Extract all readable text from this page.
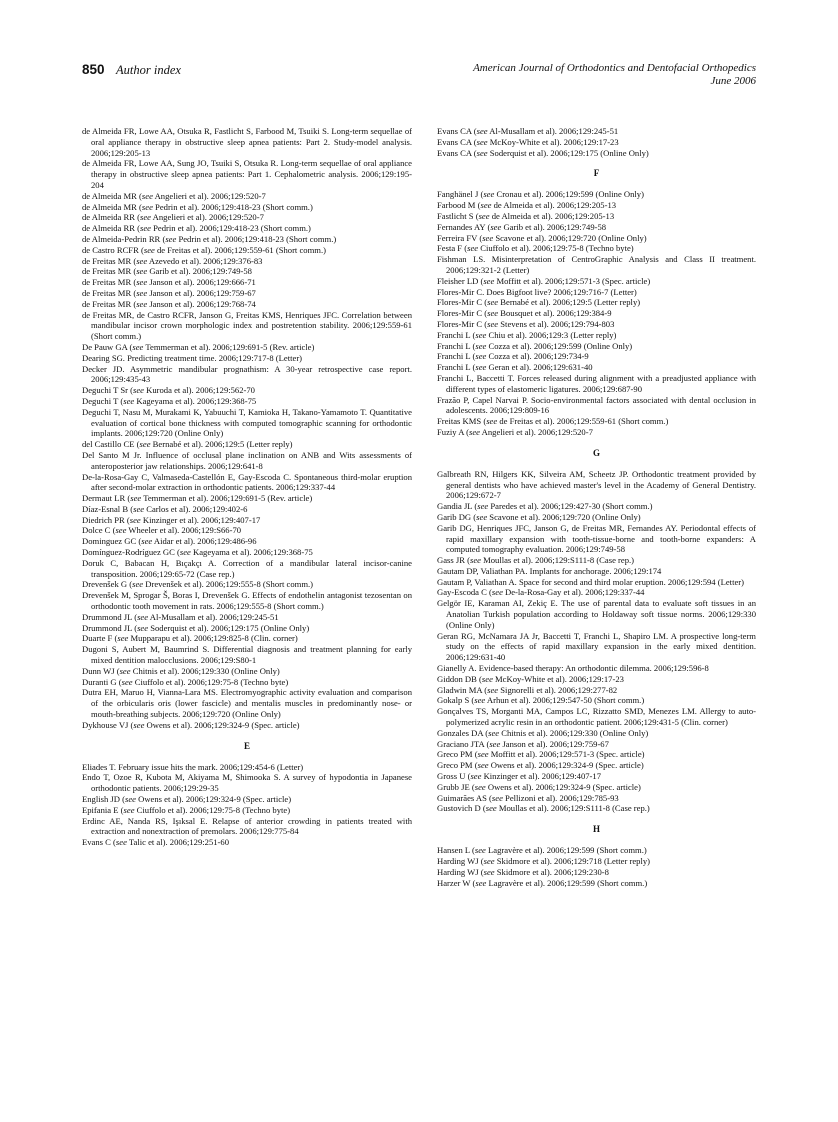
850 Author index	American Journal of Orthodontics and Dentofacial Orthopedics
June 2006
de Almeida FR, Lowe AA, Otsuka R, Fastlicht S, Farbood M, Tsuiki S. Long-term sequellae of oral appliance therapy in obstructive sleep apnea patients: Part 2. Study-model analysis. 2006;129:205-13
de Almeida FR, Lowe AA, Sung JO, Tsuiki S, Otsuka R. Long-term sequellae of oral appliance therapy in obstructive sleep apnea patients: Part 1. Cephalometric analysis. 2006;129:195-204
de Almeida MR (see Angelieri et al). 2006;129:520-7
de Almeida MR (see Pedrin et al). 2006;129:418-23 (Short comm.)
de Almeida RR (see Angelieri et al). 2006;129:520-7
de Almeida RR (see Pedrin et al). 2006;129:418-23 (Short comm.)
de Almeida-Pedrin RR (see Pedrin et al). 2006;129:418-23 (Short comm.)
de Castro RCFR (see de Freitas et al). 2006;129:559-61 (Short comm.)
de Freitas MR (see Azevedo et al). 2006;129:376-83
de Freitas MR (see Garib et al). 2006;129:749-58
de Freitas MR (see Janson et al). 2006;129:666-71
de Freitas MR (see Janson et al). 2006;129:759-67
de Freitas MR (see Janson et al). 2006;129:768-74
de Freitas MR, de Castro RCFR, Janson G, Freitas KMS, Henriques JFC. Correlation between mandibular incisor crown morphologic index and postretention stability. 2006;129:559-61 (Short comm.)
De Pauw GA (see Temmerman et al). 2006;129:691-5 (Rev. article)
Dearing SG. Predicting treatment time. 2006;129:717-8 (Letter)
Decker JD. Asymmetric mandibular prognathism: A 30-year retrospective case report. 2006;129:435-43
Deguchi T Sr (see Kuroda et al). 2006;129:562-70
Deguchi T (see Kageyama et al). 2006;129:368-75
Deguchi T, Nasu M, Murakami K, Yabuuchi T, Kamioka H, Takano-Yamamoto T. Quantitative evaluation of cortical bone thickness with computed tomographic scanning for orthodontic implants. 2006;129:720 (Online Only)
del Castillo CE (see Bernabé et al). 2006;129:5 (Letter reply)
Del Santo M Jr. Influence of occlusal plane inclination on ANB and Wits assessments of anteroposterior jaw relationships. 2006;129:641-8
De-la-Rosa-Gay C, Valmaseda-Castellón E, Gay-Escoda C. Spontaneous third-molar eruption after second-molar extraction in orthodontic patients. 2006;129:337-44
Dermaut LR (see Temmerman et al). 2006;129:691-5 (Rev. article)
Díaz-Esnal B (see Carlos et al). 2006;129:402-6
Diedrich PR (see Kinzinger et al). 2006;129:407-17
Dolce C (see Wheeler et al). 2006;129:S66-70
Dominguez GC (see Aidar et al). 2006;129:486-96
Domínguez-Rodríguez GC (see Kageyama et al). 2006;129:368-75
Doruk C, Babacan H, Bıçakçı A. Correction of a mandibular lateral incisor-canine transposition. 2006;129:65-72 (Case rep.)
Drevenšek G (see Drevenšek et al). 2006;129:555-8 (Short comm.)
Drevenšek M, Sprogar Š, Boras I, Drevenšek G. Effects of endothelin antagonist tezosentan on orthodontic tooth movement in rats. 2006;129:555-8 (Short comm.)
Drummond JL (see Al-Musallam et al). 2006;129:245-51
Drummond JL (see Soderquist et al). 2006;129:175 (Online Only)
Duarte F (see Mupparapu et al). 2006;129:825-8 (Clin. corner)
Dugoni S, Aubert M, Baumrind S. Differential diagnosis and treatment planning for early mixed dentition malocclusions. 2006;129:S80-1
Dunn WJ (see Chitnis et al). 2006;129:330 (Online Only)
Duranti G (see Ciuffolo et al). 2006;129:75-8 (Techno byte)
Dutra EH, Maruo H, Vianna-Lara MS. Electromyographic activity evaluation and comparison of the orbicularis oris (lower fascicle) and mentalis muscles in predominantly nose- or mouth-breathing subjects. 2006;129:720 (Online Only)
Dykhouse VJ (see Owens et al). 2006;129:324-9 (Spec. article)
E
Eliades T. February issue hits the mark. 2006;129:454-6 (Letter)
Endo T, Ozoe R, Kubota M, Akiyama M, Shimooka S. A survey of hypodontia in Japanese orthodontic patients. 2006;129:29-35
English JD (see Owens et al). 2006;129:324-9 (Spec. article)
Epifania E (see Ciuffolo et al). 2006;129:75-8 (Techno byte)
Erdinc AE, Nanda RS, Işıksal E. Relapse of anterior crowding in patients treated with extraction and nonextraction of premolars. 2006;129:775-84
Evans C (see Talic et al). 2006;129:251-60
Evans CA (see Al-Musallam et al). 2006;129:245-51
Evans CA (see McKoy-White et al). 2006;129:17-23
Evans CA (see Soderquist et al). 2006;129:175 (Online Only)
F
Fanghänel J (see Cronau et al). 2006;129:599 (Online Only)
Farbood M (see de Almeida et al). 2006;129:205-13
Fastlicht S (see de Almeida et al). 2006;129:205-13
Fernandes AY (see Garib et al). 2006;129:749-58
Ferreira FV (see Scavone et al). 2006;129:720 (Online Only)
Festa F (see Ciuffolo et al). 2006;129:75-8 (Techno byte)
Fishman LS. Misinterpretation of CentroGraphic Analysis and Class II treatment. 2006;129:321-2 (Letter)
Fleisher LD (see Moffitt et al). 2006;129:571-3 (Spec. article)
Flores-Mir C. Does Bigfoot live? 2006;129:716-7 (Letter)
Flores-Mir C (see Bernabé et al). 2006;129:5 (Letter reply)
Flores-Mir C (see Bousquet et al). 2006;129:384-9
Flores-Mir C (see Stevens et al). 2006;129:794-803
Franchi L (see Chiu et al). 2006;129:3 (Letter reply)
Franchi L (see Cozza et al). 2006;129:599 (Online Only)
Franchi L (see Cozza et al). 2006;129:734-9
Franchi L (see Geran et al). 2006;129:631-40
Franchi L, Baccetti T. Forces released during alignment with a preadjusted appliance with different types of elastomeric ligatures. 2006;129:687-90
Frazão P, Capel Narvai P. Socio-environmental factors associated with dental occlusion in adolescents. 2006;129:809-16
Freitas KMS (see de Freitas et al). 2006;129:559-61 (Short comm.)
Fuziy A (see Angelieri et al). 2006;129:520-7
G
Galbreath RN, Hilgers KK, Silveira AM, Scheetz JP. Orthodontic treatment provided by general dentists who have achieved master's level in the Academy of General Dentistry. 2006;129:672-7
Gandia JL (see Paredes et al). 2006;129:427-30 (Short comm.)
Garib DG (see Scavone et al). 2006;129:720 (Online Only)
Garib DG, Henriques JFC, Janson G, de Freitas MR, Fernandes AY. Periodontal effects of rapid maxillary expansion with tooth-tissue-borne and tooth-borne expanders: A computed tomography evaluation. 2006;129:749-58
Gass JR (see Moullas et al). 2006;129:S111-8 (Case rep.)
Gautam DP, Valiathan PA. Implants for anchorage. 2006;129:174
Gautam P, Valiathan A. Space for second and third molar eruption. 2006;129:594 (Letter)
Gay-Escoda C (see De-la-Rosa-Gay et al). 2006;129:337-44
Gelgör IE, Karaman AI, Zekiç E. The use of parental data to evaluate soft tissues in an Anatolian Turkish population according to Holdaway soft tissue norms. 2006;129:330 (Online Only)
Geran RG, McNamara JA Jr, Baccetti T, Franchi L, Shapiro LM. A prospective long-term study on the effects of rapid maxillary expansion in the early mixed dentition. 2006;129:631-40
Gianelly A. Evidence-based therapy: An orthodontic dilemma. 2006;129:596-8
Giddon DB (see McKoy-White et al). 2006;129:17-23
Gladwin MA (see Signorelli et al). 2006;129:277-82
Gokalp S (see Arhun et al). 2006;129:547-50 (Short comm.)
Gonçalves TS, Morganti MA, Campos LC, Rizzatto SMD, Menezes LM. Allergy to auto-polymerized acrylic resin in an orthodontic patient. 2006;129:431-5 (Clin. corner)
Gonzales DA (see Chitnis et al). 2006;129:330 (Online Only)
Graciano JTA (see Janson et al). 2006;129:759-67
Greco PM (see Moffitt et al). 2006;129:571-3 (Spec. article)
Greco PM (see Owens et al). 2006;129:324-9 (Spec. article)
Gross U (see Kinzinger et al). 2006;129:407-17
Grubb JE (see Owens et al). 2006;129:324-9 (Spec. article)
Guimarães AS (see Pellizoni et al). 2006;129:785-93
Gustovich D (see Moullas et al). 2006;129:S111-8 (Case rep.)
H
Hansen L (see Lagravère et al). 2006;129:599 (Short comm.)
Harding WJ (see Skidmore et al). 2006;129:718 (Letter reply)
Harding WJ (see Skidmore et al). 2006;129:230-8
Harzer W (see Lagravère et al). 2006;129:599 (Short comm.)
